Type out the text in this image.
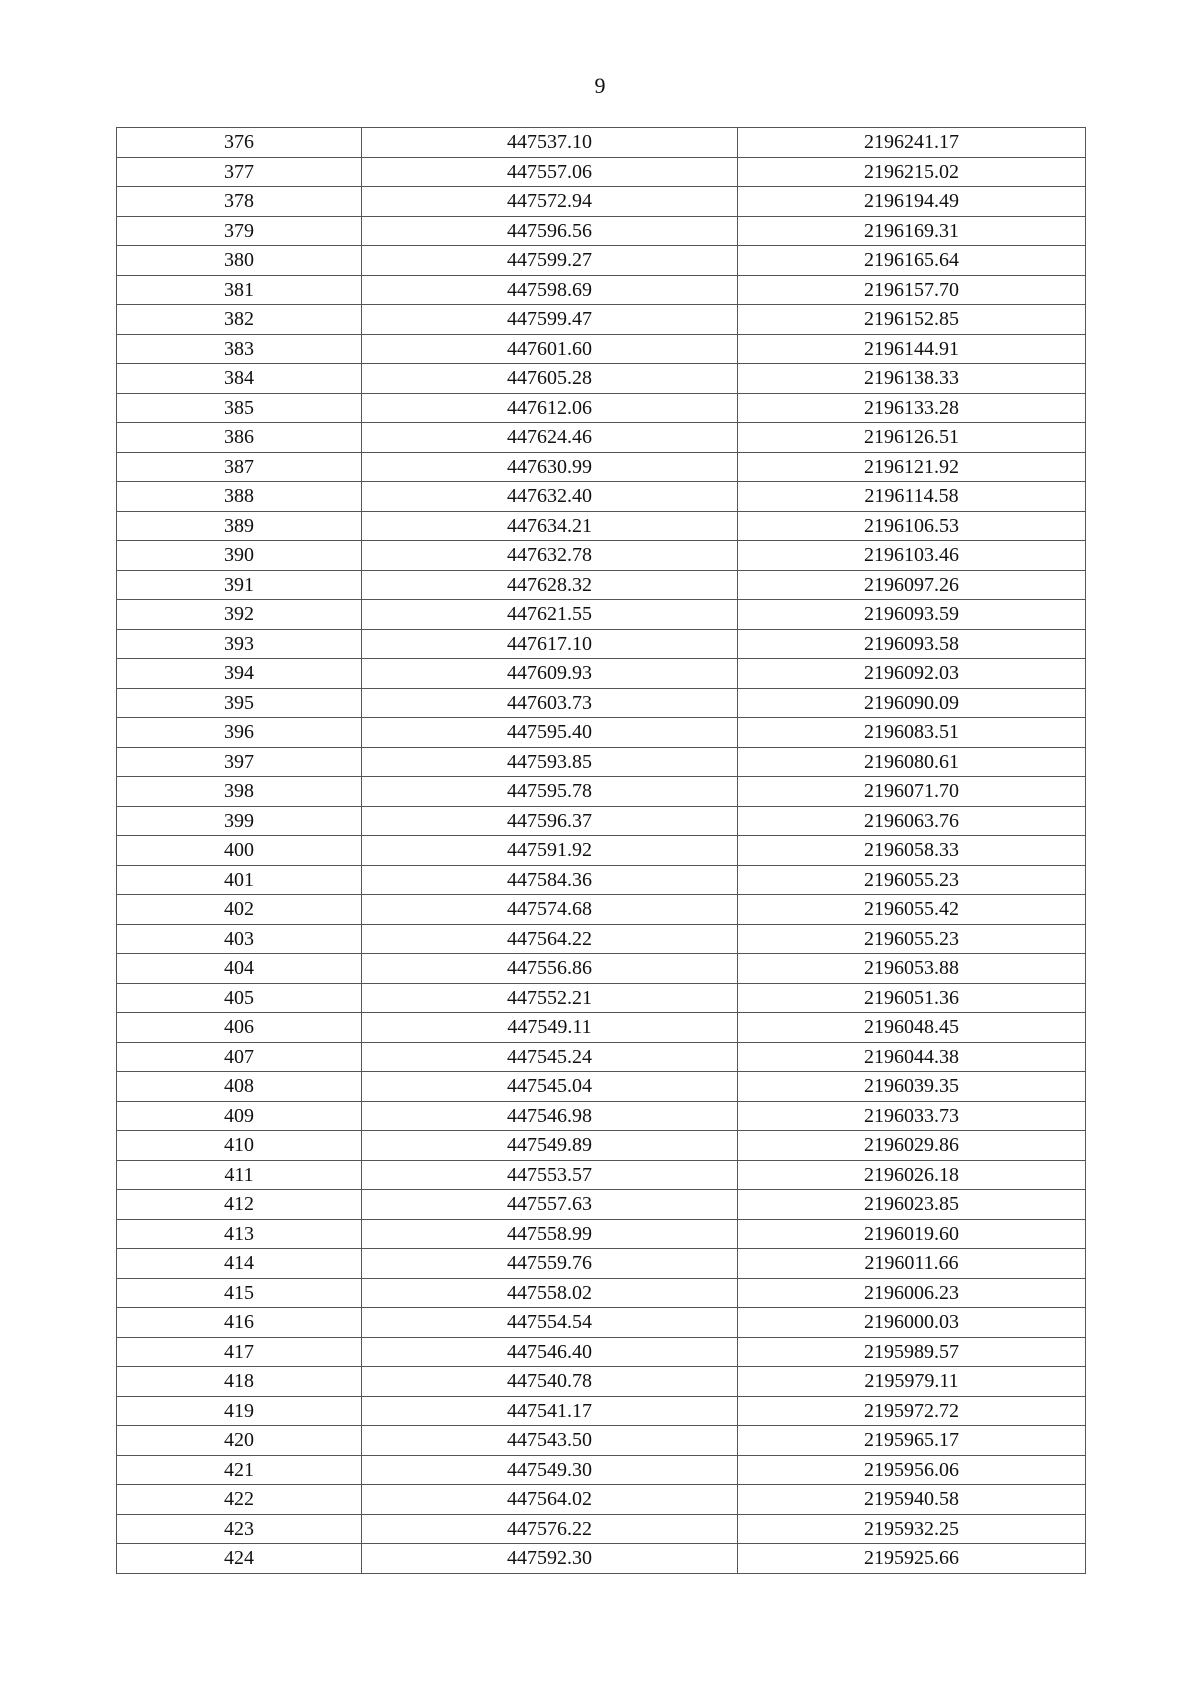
9
376	447537.10	2196241.17
377	447557.06	2196215.02
378	447572.94	2196194.49
379	447596.56	2196169.31
380	447599.27	2196165.64
381	447598.69	2196157.70
382	447599.47	2196152.85
383	447601.60	2196144.91
384	447605.28	2196138.33
385	447612.06	2196133.28
386	447624.46	2196126.51
387	447630.99	2196121.92
388	447632.40	2196114.58
389	447634.21	2196106.53
390	447632.78	2196103.46
391	447628.32	2196097.26
392	447621.55	2196093.59
393	447617.10	2196093.58
394	447609.93	2196092.03
395	447603.73	2196090.09
396	447595.40	2196083.51
397	447593.85	2196080.61
398	447595.78	2196071.70
399	447596.37	2196063.76
400	447591.92	2196058.33
401	447584.36	2196055.23
402	447574.68	2196055.42
403	447564.22	2196055.23
404	447556.86	2196053.88
405	447552.21	2196051.36
406	447549.11	2196048.45
407	447545.24	2196044.38
408	447545.04	2196039.35
409	447546.98	2196033.73
410	447549.89	2196029.86
411	447553.57	2196026.18
412	447557.63	2196023.85
413	447558.99	2196019.60
414	447559.76	2196011.66
415	447558.02	2196006.23
416	447554.54	2196000.03
417	447546.40	2195989.57
418	447540.78	2195979.11
419	447541.17	2195972.72
420	447543.50	2195965.17
421	447549.30	2195956.06
422	447564.02	2195940.58
423	447576.22	2195932.25
424	447592.30	2195925.66
